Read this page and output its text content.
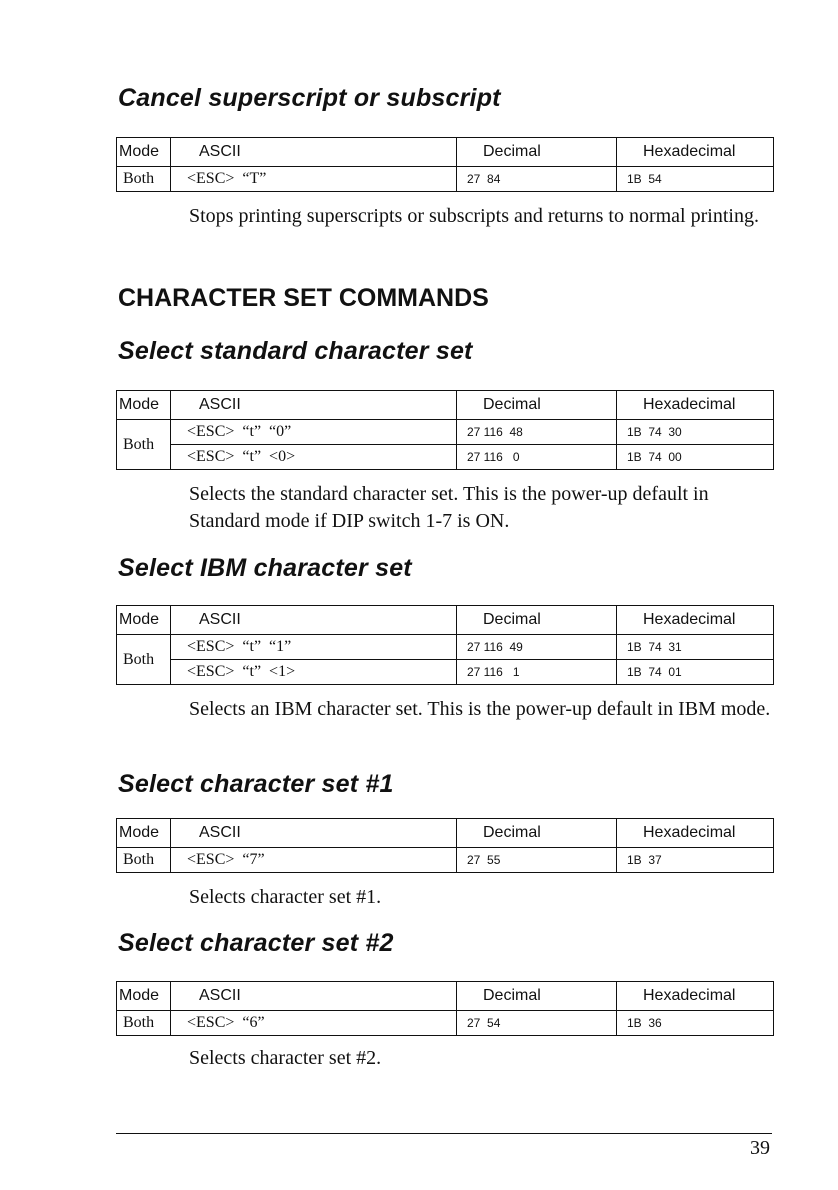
Cancel superscript or subscript
Mode	ASCII	Decimal	Hexadecimal
Both	<ESC>  “T”	27  84	1B  54

Stops printing superscripts or subscripts and returns to normal printing.

CHARACTER SET COMMANDS
Select standard character set
Mode	ASCII	Decimal	Hexadecimal
Both	<ESC>  “t”  “0”	27 116  48	1B  74  30
	<ESC>  “t”  <0>	27 116   0	1B  74  00

Selects the standard character set. This is the power-up default in Standard mode if DIP switch 1-7 is ON.

Select IBM character set
Mode	ASCII	Decimal	Hexadecimal
Both	<ESC>  “t”  “1”	27 116  49	1B  74  31
	<ESC>  “t”  <1>	27 116   1	1B  74  01

Selects an IBM character set. This is the power-up default in IBM mode.

Select character set #1
Mode	ASCII	Decimal	Hexadecimal
Both	<ESC>  “7”	27  55	1B  37

Selects character set #1.

Select character set #2
Mode	ASCII	Decimal	Hexadecimal
Both	<ESC>  “6”	27  54	1B  36

Selects character set #2.

39
